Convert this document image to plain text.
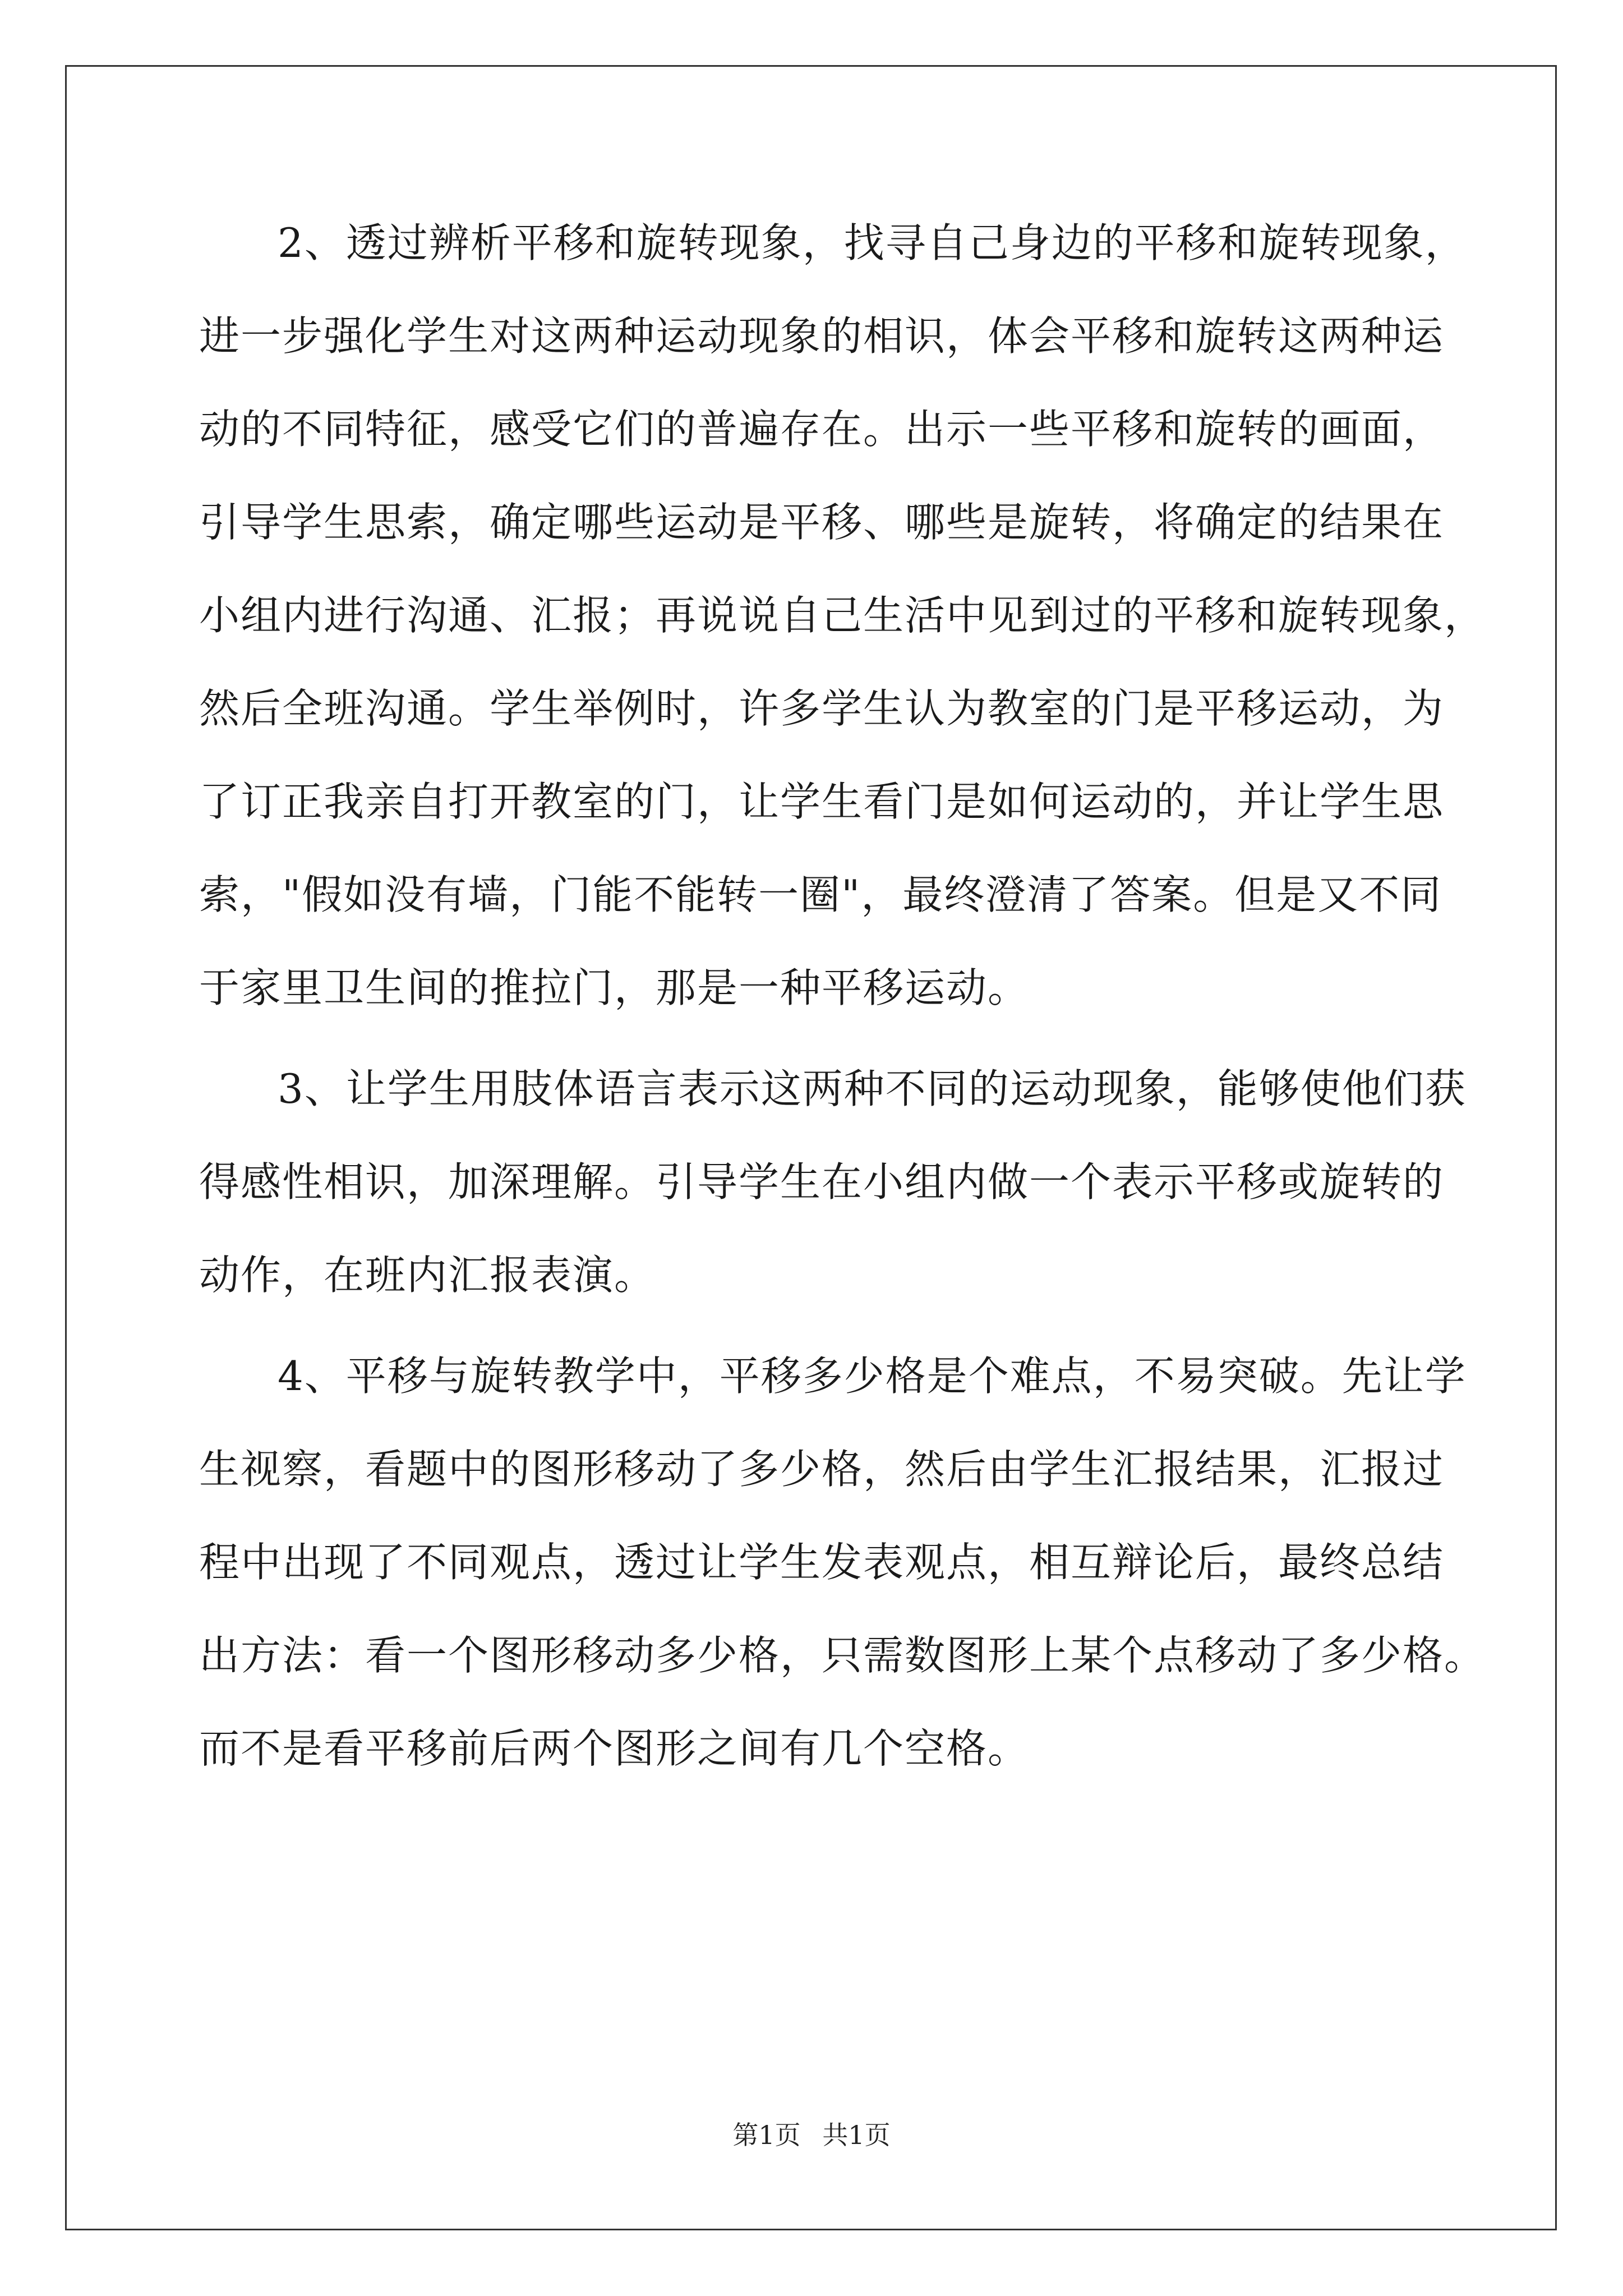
2、透过辨析平移和旋转现象，找寻自己身边的平移和旋转现象，
进一步强化学生对这两种运动现象的相识，体会平移和旋转这两种运
动的不同特征，感受它们的普遍存在。出示一些平移和旋转的画面，
引导学生思索，确定哪些运动是平移、哪些是旋转，将确定的结果在
小组内进行沟通、汇报；再说说自己生活中见到过的平移和旋转现象，
然后全班沟通。学生举例时，许多学生认为教室的门是平移运动，为
了订正我亲自打开教室的门，让学生看门是如何运动的，并让学生思
索，"假如没有墙，门能不能转一圈"，最终澄清了答案。但是又不同
于家里卫生间的推拉门，那是一种平移运动。

3、让学生用肢体语言表示这两种不同的运动现象，能够使他们获
得感性相识，加深理解。引导学生在小组内做一个表示平移或旋转的
动作，在班内汇报表演。

4、平移与旋转教学中，平移多少格是个难点，不易突破。先让学
生视察，看题中的图形移动了多少格，然后由学生汇报结果，汇报过
程中出现了不同观点，透过让学生发表观点，相互辩论后，最终总结
出方法：看一个图形移动多少格，只需数图形上某个点移动了多少格。
而不是看平移前后两个图形之间有几个空格。

第1页 共1页
